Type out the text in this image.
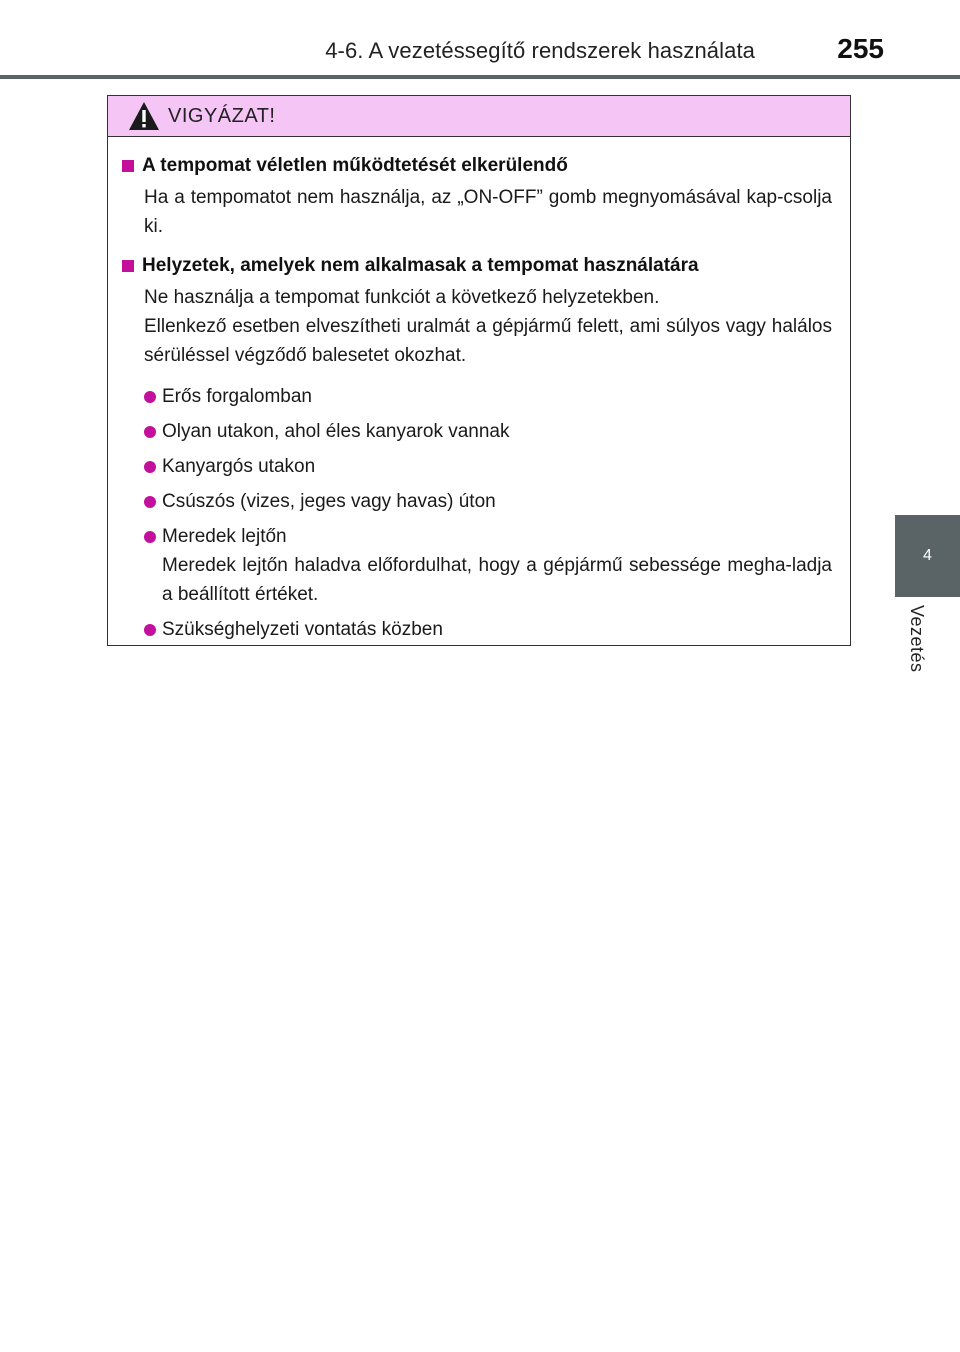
4-6. A vezetéssegítő rendszerek használata	255
4
Vezetés
VIGYÁZAT!
A tempomat véletlen működtetését elkerülendő
Ha a tempomatot nem használja, az „ON-OFF” gomb megnyomásával kap-csolja ki.
Helyzetek, amelyek nem alkalmasak a tempomat használatára
Ne használja a tempomat funkciót a következő helyzetekben.
Ellenkező esetben elveszítheti uralmát a gépjármű felett, ami súlyos vagy halálos sérüléssel végződő balesetet okozhat.
Erős forgalomban
Olyan utakon, ahol éles kanyarok vannak
Kanyargós utakon
Csúszós (vizes, jeges vagy havas) úton
Meredek lejtőn
Meredek lejtőn haladva előfordulhat, hogy a gépjármű sebessége megha-ladja a beállított értéket.
Szükséghelyzeti vontatás közben
